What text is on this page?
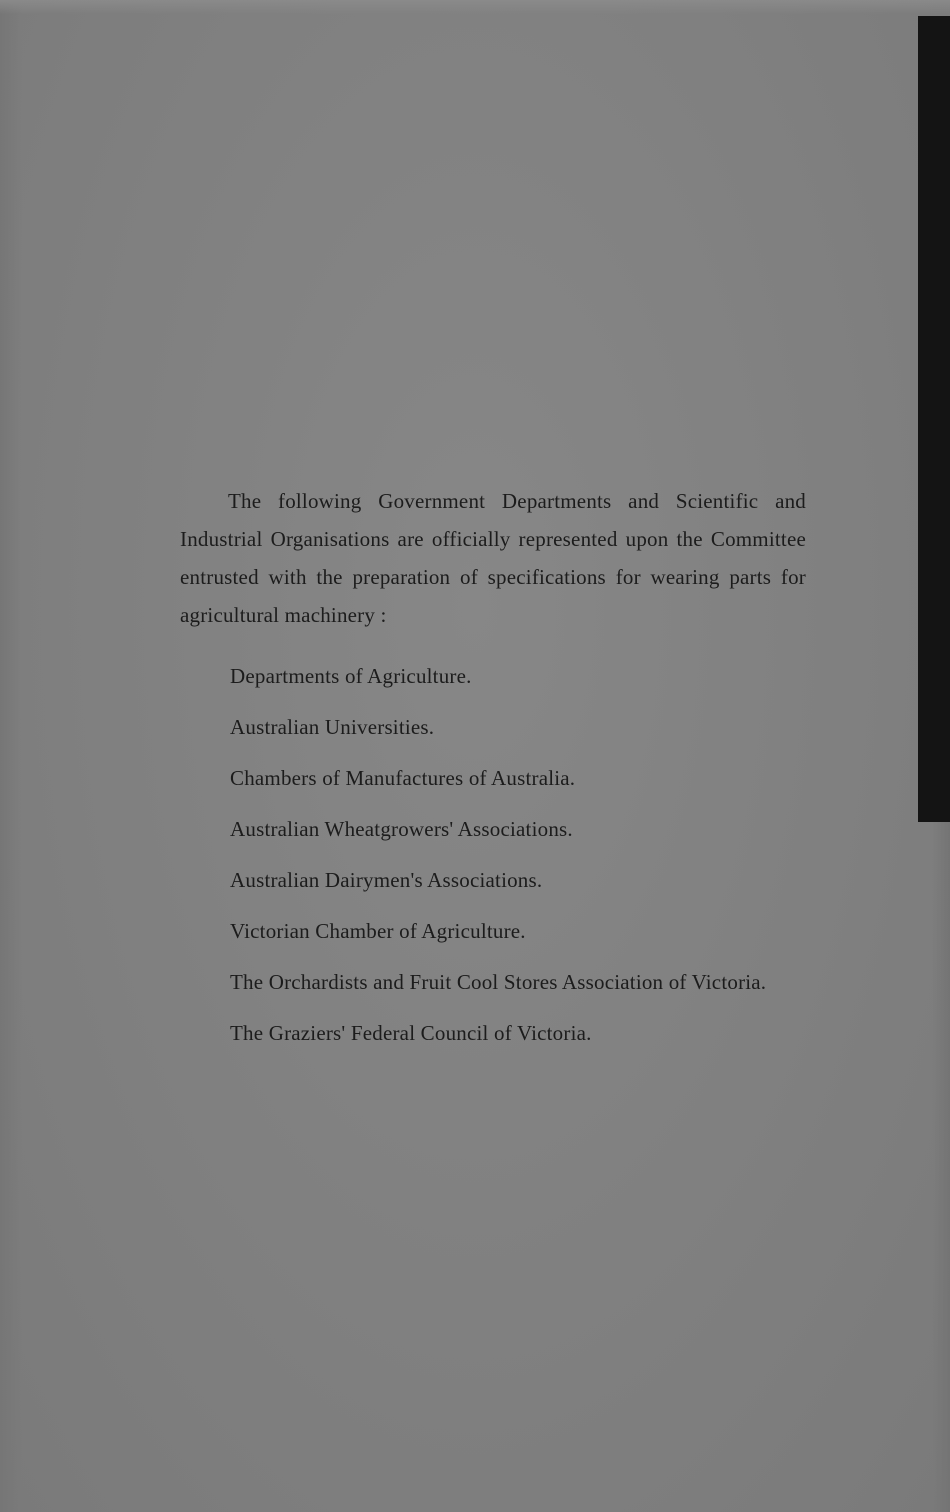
The following Government Departments and Scientific and Industrial Organisations are officially represented upon the Committee entrusted with the preparation of specifications for wearing parts for agricultural machinery :

Departments of Agriculture.
Australian Universities.
Chambers of Manufactures of Australia.
Australian Wheatgrowers' Associations.
Australian Dairymen's Associations.
Victorian Chamber of Agriculture.
The Orchardists and Fruit Cool Stores Association of Victoria.
The Graziers' Federal Council of Victoria.
